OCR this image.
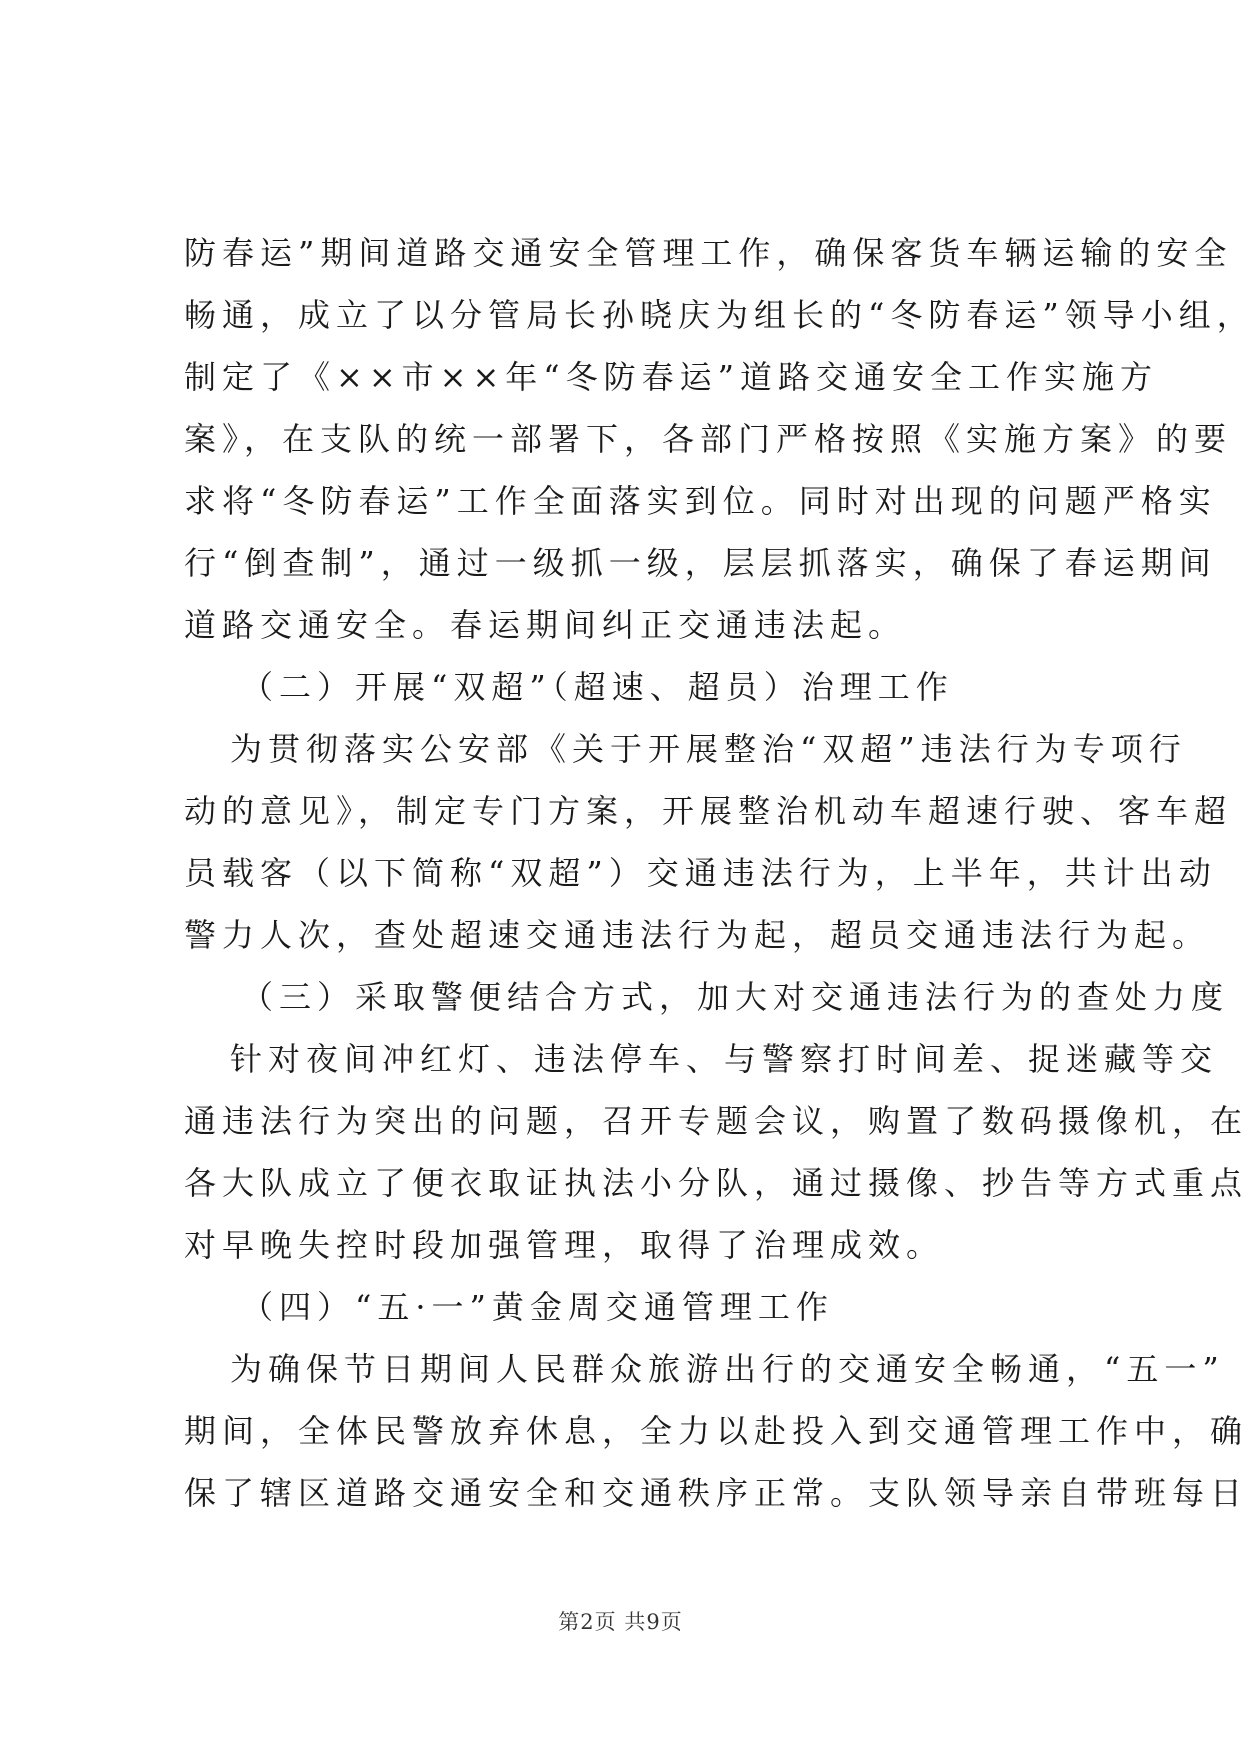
防春运”期间道路交通安全管理工作，确保客货车辆运输的安全
畅通，成立了以分管局长孙晓庆为组长的“冬防春运”领导小组，
制定了《××市××年“冬防春运”道路交通安全工作实施方
案》，在支队的统一部署下，各部门严格按照《实施方案》的要
求将“冬防春运”工作全面落实到位。同时对出现的问题严格实
行“倒查制”，通过一级抓一级，层层抓落实，确保了春运期间
道路交通安全。春运期间纠正交通违法起。
（二）开展“双超”（超速、超员）治理工作
为贯彻落实公安部《关于开展整治“双超”违法行为专项行
动的意见》，制定专门方案，开展整治机动车超速行驶、客车超
员载客（以下简称“双超”）交通违法行为，上半年，共计出动
警力人次，查处超速交通违法行为起，超员交通违法行为起。
（三）采取警便结合方式，加大对交通违法行为的查处力度
针对夜间冲红灯、违法停车、与警察打时间差、捉迷藏等交
通违法行为突出的问题，召开专题会议，购置了数码摄像机，在
各大队成立了便衣取证执法小分队，通过摄像、抄告等方式重点
对早晚失控时段加强管理，取得了治理成效。
（四）“五·一”黄金周交通管理工作
为确保节日期间人民群众旅游出行的交通安全畅通，“五一”
期间，全体民警放弃休息，全力以赴投入到交通管理工作中，确
保了辖区道路交通安全和交通秩序正常。支队领导亲自带班每日
第2页 共9页
